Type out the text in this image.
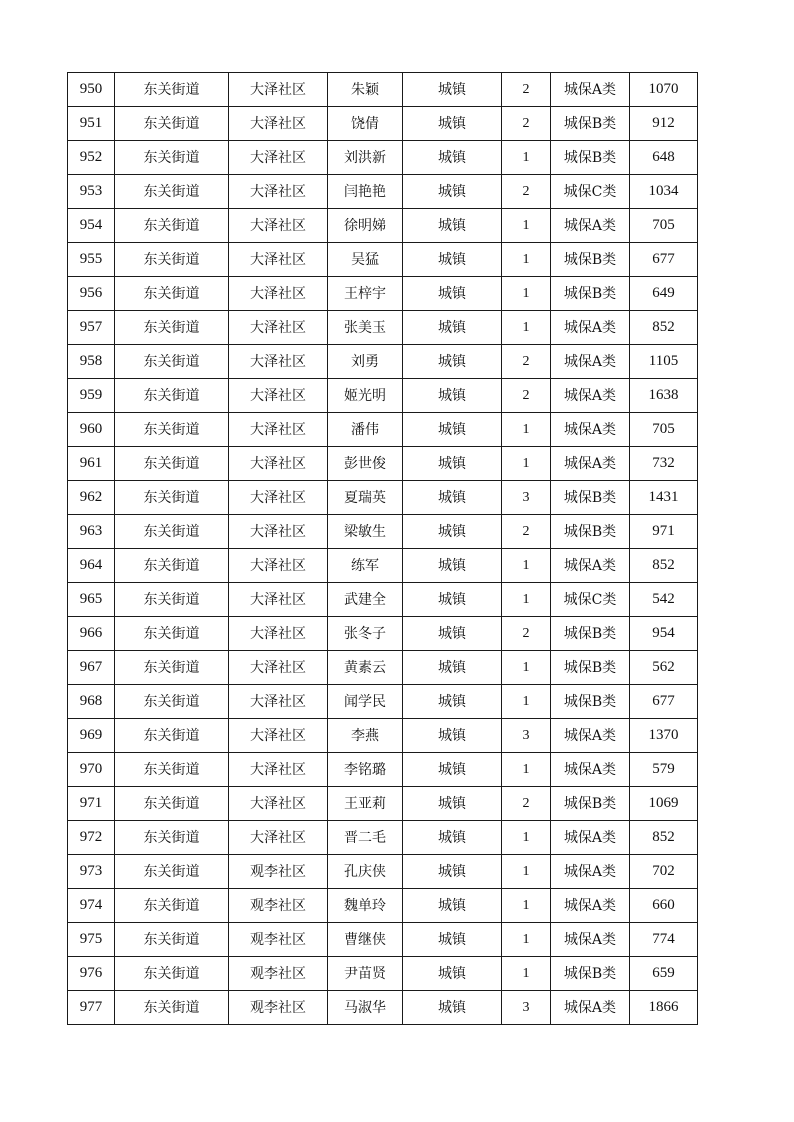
950	东关街道	大泽社区	朱颖	城镇	2	城保A类	1070
951	东关街道	大泽社区	饶倩	城镇	2	城保B类	912
952	东关街道	大泽社区	刘洪新	城镇	1	城保B类	648
953	东关街道	大泽社区	闫艳艳	城镇	2	城保C类	1034
954	东关街道	大泽社区	徐明娣	城镇	1	城保A类	705
955	东关街道	大泽社区	吴猛	城镇	1	城保B类	677
956	东关街道	大泽社区	王梓宇	城镇	1	城保B类	649
957	东关街道	大泽社区	张美玉	城镇	1	城保A类	852
958	东关街道	大泽社区	刘勇	城镇	2	城保A类	1105
959	东关街道	大泽社区	姬光明	城镇	2	城保A类	1638
960	东关街道	大泽社区	潘伟	城镇	1	城保A类	705
961	东关街道	大泽社区	彭世俊	城镇	1	城保A类	732
962	东关街道	大泽社区	夏瑞英	城镇	3	城保B类	1431
963	东关街道	大泽社区	梁敏生	城镇	2	城保B类	971
964	东关街道	大泽社区	练军	城镇	1	城保A类	852
965	东关街道	大泽社区	武建全	城镇	1	城保C类	542
966	东关街道	大泽社区	张冬子	城镇	2	城保B类	954
967	东关街道	大泽社区	黄素云	城镇	1	城保B类	562
968	东关街道	大泽社区	闻学民	城镇	1	城保B类	677
969	东关街道	大泽社区	李燕	城镇	3	城保A类	1370
970	东关街道	大泽社区	李铭璐	城镇	1	城保A类	579
971	东关街道	大泽社区	王亚莉	城镇	2	城保B类	1069
972	东关街道	大泽社区	晋二毛	城镇	1	城保A类	852
973	东关街道	观李社区	孔庆侠	城镇	1	城保A类	702
974	东关街道	观李社区	魏单玲	城镇	1	城保A类	660
975	东关街道	观李社区	曹继侠	城镇	1	城保A类	774
976	东关街道	观李社区	尹苗贤	城镇	1	城保B类	659
977	东关街道	观李社区	马淑华	城镇	3	城保A类	1866
